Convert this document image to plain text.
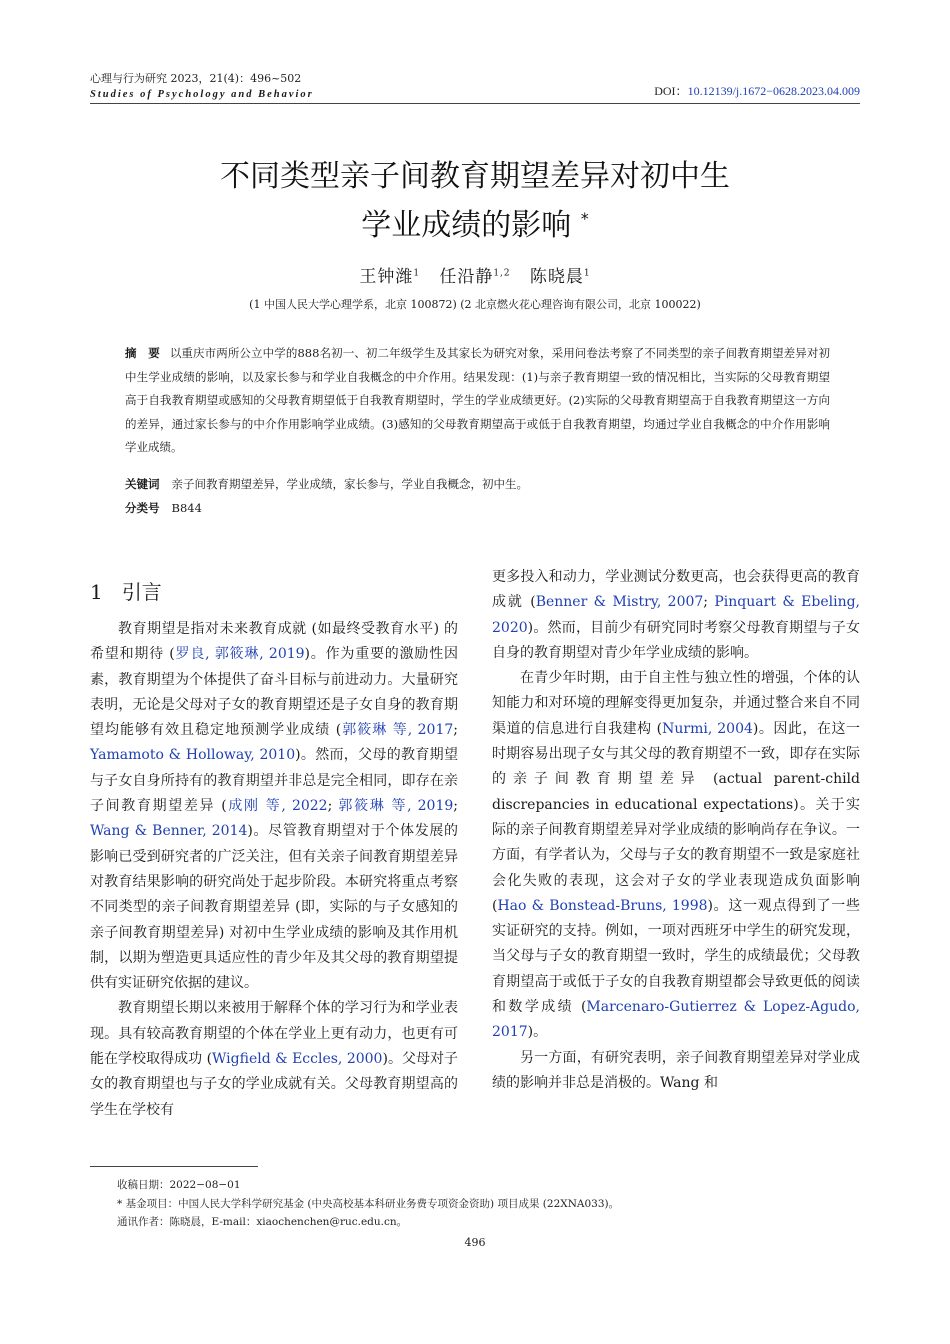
心理与行为研究 2023，21(4)：496~502
Studies of Psychology and Behavior	DOI：10.12139/j.1672−0628.2023.04.009
不同类型亲子间教育期望差异对初中生
学业成绩的影响 *
王钟潍$^1$ 任沿静$^{1,2}$ 陈晓晨$^1$
(1 中国人民大学心理学系，北京 100872) (2 北京燃火花心理咨询有限公司，北京 100022)
摘　要 以重庆市两所公立中学的888名初一、初二年级学生及其家长为研究对象，采用问卷法考察了不同类型的亲子间教育期望差异对初中生学业成绩的影响，以及家长参与和学业自我概念的中介作用。结果发现：(1)与亲子教育期望一致的情况相比，当实际的父母教育期望高于自我教育期望或感知的父母教育期望低于自我教育期望时，学生的学业成绩更好。(2)实际的父母教育期望高于自我教育期望这一方向的差异，通过家长参与的中介作用影响学业成绩。(3)感知的父母教育期望高于或低于自我教育期望，均通过学业自我概念的中介作用影响学业成绩。
关键词 亲子间教育期望差异，学业成绩，家长参与，学业自我概念，初中生。
分类号 B844
1 引言

教育期望是指对未来教育成就 (如最终受教育水平) 的希望和期待 (罗良, 郭筱琳, 2019)。作为重要的激励性因素，教育期望为个体提供了奋斗目标与前进动力。大量研究表明，无论是父母对子女的教育期望还是子女自身的教育期望均能够有效且稳定地预测学业成绩 (郭筱琳 等, 2017; Yamamoto & Holloway, 2010)。然而，父母的教育期望与子女自身所持有的教育期望并非总是完全相同，即存在亲子间教育期望差异 (成刚 等, 2022; 郭筱琳 等, 2019; Wang & Benner, 2014)。尽管教育期望对于个体发展的影响已受到研究者的广泛关注，但有关亲子间教育期望差异对教育结果影响的研究尚处于起步阶段。本研究将重点考察不同类型的亲子间教育期望差异 (即，实际的与子女感知的亲子间教育期望差异) 对初中生学业成绩的影响及其作用机制，以期为塑造更具适应性的青少年及其父母的教育期望提供有实证研究依据的建议。

教育期望长期以来被用于解释个体的学习行为和学业表现。具有较高教育期望的个体在学业上更有动力，也更有可能在学校取得成功 (Wigfield & Eccles, 2000)。父母对子女的教育期望也与子女的学业成就有关。父母教育期望高的学生在学校有

更多投入和动力，学业测试分数更高，也会获得更高的教育成就 (Benner & Mistry, 2007; Pinquart & Ebeling, 2020)。然而，目前少有研究同时考察父母教育期望与子女自身的教育期望对青少年学业成绩的影响。

在青少年时期，由于自主性与独立性的增强，个体的认知能力和对环境的理解变得更加复杂，并通过整合来自不同渠道的信息进行自我建构 (Nurmi, 2004)。因此，在这一时期容易出现子女与其父母的教育期望不一致，即存在实际的亲子间教育期望差异 (actual parent-child discrepancies in educational expectations)。关于实际的亲子间教育期望差异对学业成绩的影响尚存在争议。一方面，有学者认为，父母与子女的教育期望不一致是家庭社会化失败的表现，这会对子女的学业表现造成负面影响 (Hao & Bonstead-Bruns, 1998)。这一观点得到了一些实证研究的支持。例如，一项对西班牙中学生的研究发现，当父母与子女的教育期望一致时，学生的成绩最优；父母教育期望高于或低于子女的自我教育期望都会导致更低的阅读和数学成绩 (Marcenaro-Gutierrez & Lopez-Agudo, 2017)。

另一方面，有研究表明，亲子间教育期望差异对学业成绩的影响并非总是消极的。Wang 和

收稿日期：2022−08−01
* 基金项目：中国人民大学科学研究基金 (中央高校基本科研业务费专项资金资助) 项目成果 (22XNA033)。
通讯作者：陈晓晨，E-mail：xiaochenchen@ruc.edu.cn。
496
